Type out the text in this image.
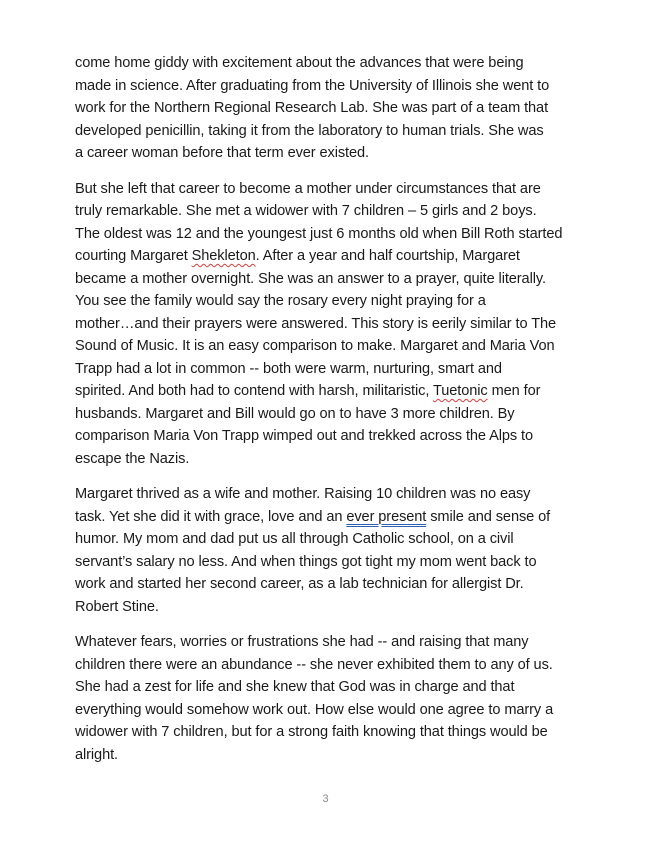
come home giddy with excitement about the advances that were being
made in science. After graduating from the University of Illinois she went to
work for the Northern Regional Research Lab. She was part of a team that
developed penicillin, taking it from the laboratory to human trials. She was
a career woman before that term ever existed.

But she left that career to become a mother under circumstances that are
truly remarkable. She met a widower with 7 children – 5 girls and 2 boys.
The oldest was 12 and the youngest just 6 months old when Bill Roth started
courting Margaret Shekleton. After a year and half courtship, Margaret
became a mother overnight. She was an answer to a prayer, quite literally.
You see the family would say the rosary every night praying for a
mother…and their prayers were answered. This story is eerily similar to The
Sound of Music. It is an easy comparison to make. Margaret and Maria Von
Trapp had a lot in common -- both were warm, nurturing, smart and
spirited. And both had to contend with harsh, militaristic, Tuetonic men for
husbands. Margaret and Bill would go on to have 3 more children. By
comparison Maria Von Trapp wimped out and trekked across the Alps to
escape the Nazis.

Margaret thrived as a wife and mother. Raising 10 children was no easy
task. Yet she did it with grace, love and an ever present smile and sense of
humor. My mom and dad put us all through Catholic school, on a civil
servant’s salary no less. And when things got tight my mom went back to
work and started her second career, as a lab technician for allergist Dr.
Robert Stine.

Whatever fears, worries or frustrations she had -- and raising that many
children there were an abundance -- she never exhibited them to any of us.
She had a zest for life and she knew that God was in charge and that
everything would somehow work out. How else would one agree to marry a
widower with 7 children, but for a strong faith knowing that things would be
alright.

3
